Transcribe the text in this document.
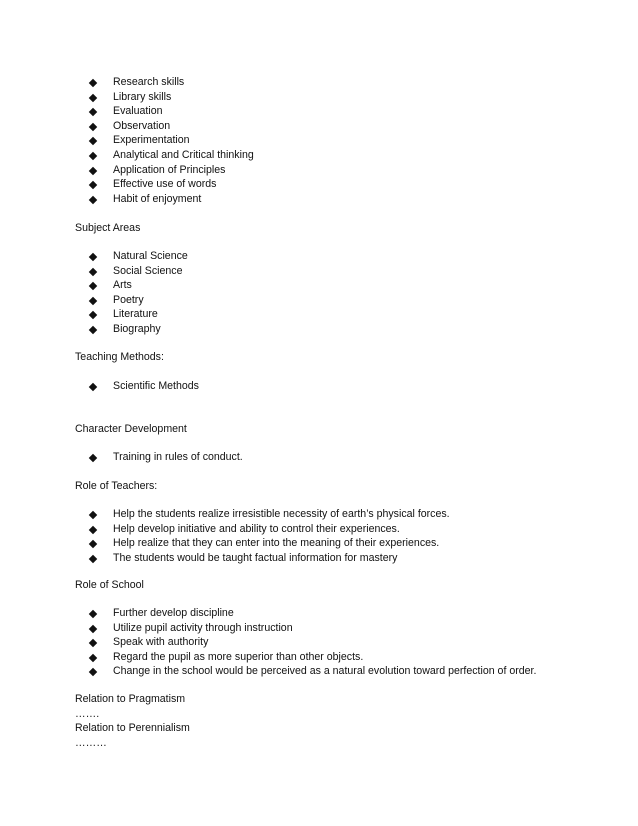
Research skills
Library skills
Evaluation
Observation
Experimentation
Analytical and Critical thinking
Application of Principles
Effective use of words
Habit of enjoyment
Subject Areas
Natural Science
Social Science
Arts
Poetry
Literature
Biography
Teaching Methods:
Scientific Methods
Character Development
Training in rules of conduct.
Role of Teachers:
Help the students realize irresistible necessity of earth’s physical forces.
Help develop initiative and ability to control their experiences.
Help realize that they can enter into the meaning of their experiences.
The students would be taught factual information for mastery
Role of School
Further develop discipline
Utilize pupil activity through instruction
Speak with authority
Regard the pupil as more superior than other objects.
Change in the school would be perceived as a natural evolution toward perfection of order.
Relation to Pragmatism
…….
Relation to Perennialism
………
